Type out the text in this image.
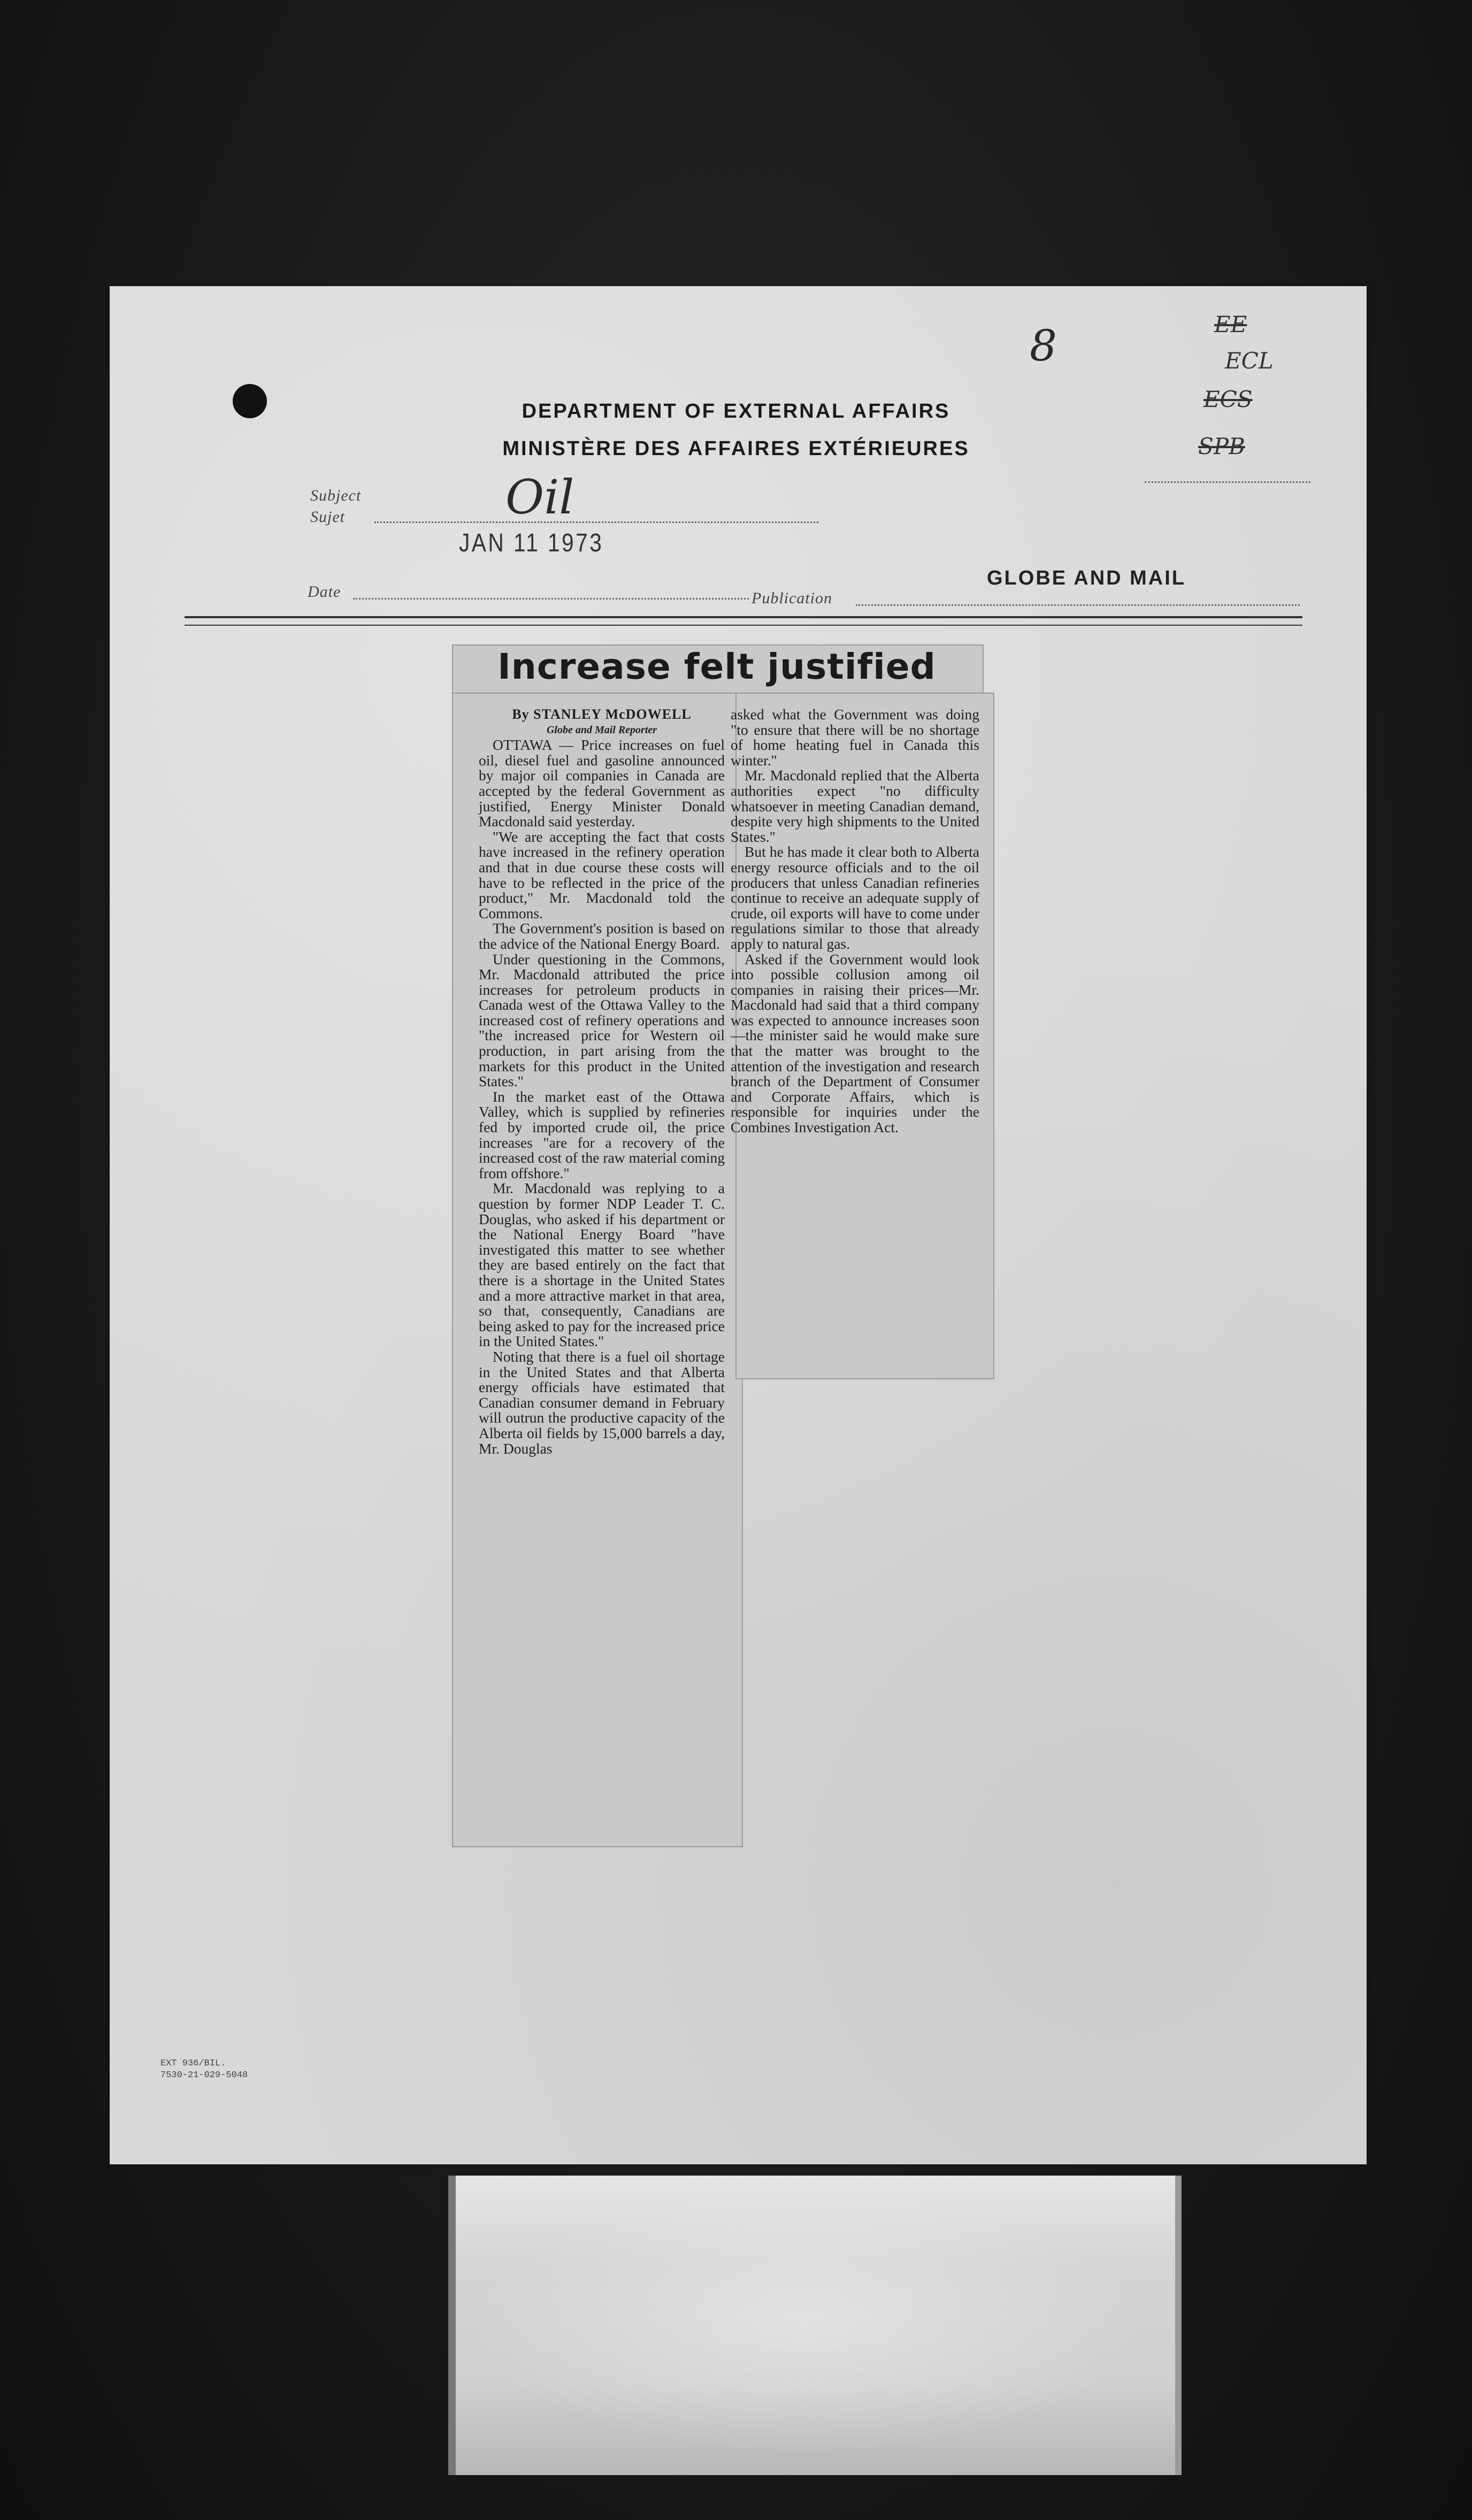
DEPARTMENT OF EXTERNAL AFFAIRS
MINISTÈRE DES AFFAIRES EXTÉRIEURES
8	EE
ECL
ECS
SPB
Subject
Sujet	Oil
JAN 11 1973
Date	Publication
GLOBE AND MAIL
Increase felt justified

By STANLEY McDOWELL

Globe and Mail Reporter

OTTAWA — Price increases on fuel oil, diesel fuel and gasoline announced by major oil companies in Canada are accepted by the federal Government as justified, Energy Minister Donald Macdonald said yesterday.

"We are accepting the fact that costs have increased in the refinery operation and that in due course these costs will have to be reflected in the price of the product," Mr. Macdonald told the Commons.

The Government's position is based on the advice of the National Energy Board.

Under questioning in the Commons, Mr. Macdonald attributed the price increases for petroleum products in Canada west of the Ottawa Valley to the increased cost of refinery operations and "the increased price for Western oil production, in part arising from the markets for this product in the United States."

In the market east of the Ottawa Valley, which is supplied by refineries fed by imported crude oil, the price increases "are for a recovery of the increased cost of the raw material coming from offshore."

Mr. Macdonald was replying to a question by former NDP Leader T. C. Douglas, who asked if his department or the National Energy Board "have investigated this matter to see whether they are based entirely on the fact that there is a shortage in the United States and a more attractive market in that area, so that, consequently, Canadians are being asked to pay for the increased price in the United States."

Noting that there is a fuel oil shortage in the United States and that Alberta energy officials have estimated that Canadian consumer demand in February will outrun the productive capacity of the Alberta oil fields by 15,000 barrels a day, Mr. Douglas

asked what the Government was doing "to ensure that there will be no shortage of home heating fuel in Canada this winter."

Mr. Macdonald replied that the Alberta authorities expect "no difficulty whatsoever in meeting Canadian demand, despite very high shipments to the United States."

But he has made it clear both to Alberta energy resource officials and to the oil producers that unless Canadian refineries continue to receive an adequate supply of crude, oil exports will have to come under regulations similar to those that already apply to natural gas.

Asked if the Government would look into possible collusion among oil companies in raising their prices—Mr. Macdonald had said that a third company was expected to announce increases soon—the minister said he would make sure that the matter was brought to the attention of the investigation and research branch of the Department of Consumer and Corporate Affairs, which is responsible for inquiries under the Combines Investigation Act.

EXT 936/BIL.
7530-21-029-5048
